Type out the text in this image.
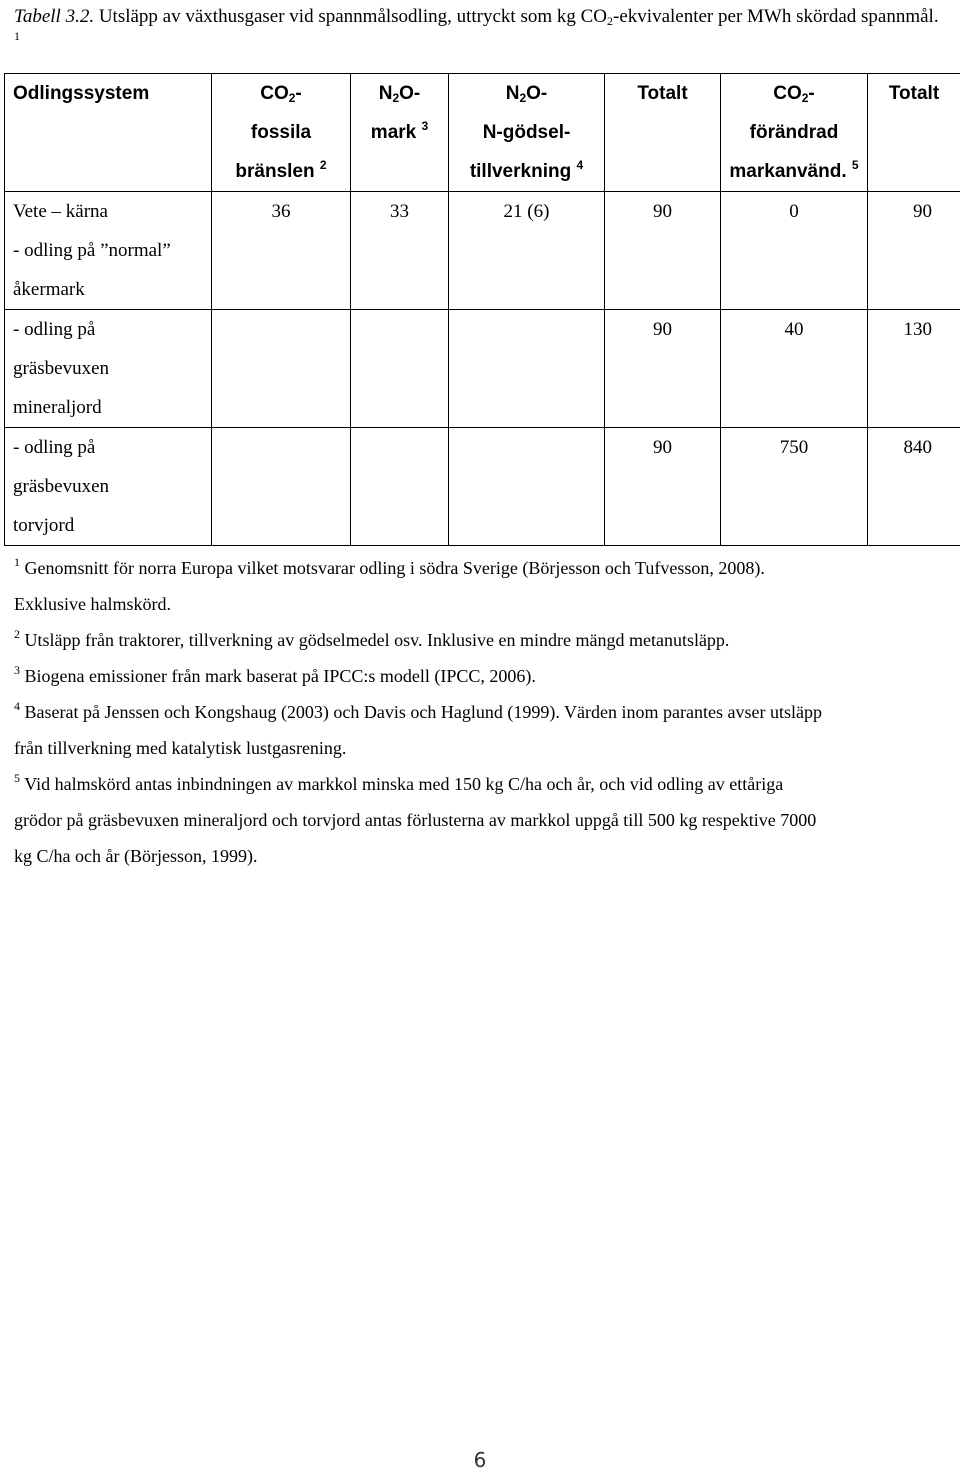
Tabell 3.2. Utsläpp av växthusgaser vid spannmålsodling, uttryckt som kg $CO_2$-ekvivalenter per MWh skördad spannmål. $^1$

Odlingssystem	$CO_2-$
fossila
bränslen $^2$	$N_2O-$
mark $^3$	$N_2O-$
N-gödsel-
tillverkning $^4$	Totalt	$CO_2-$
förändrad
markanvänd. $^5$	Totalt

Vete – kärna
- odling på ”normal”
åkermark	36	33	21 (6)	90	0	90

- odling på
gräsbevuxen
mineraljord				90	40	130

- odling på
gräsbevuxen
torvjord				90	750	840

$^1$ Genomsnitt för norra Europa vilket motsvarar odling i södra Sverige (Börjesson och Tufvesson, 2008).
Exklusive halmskörd.

$^2$ Utsläpp från traktorer, tillverkning av gödselmedel osv. Inklusive en mindre mängd metanutsläpp.

$^3$ Biogena emissioner från mark baserat på IPCC:s modell (IPCC, 2006).

$^4$ Baserat på Jenssen och Kongshaug (2003) och Davis och Haglund (1999). Värden inom parantes avser utsläpp
från tillverkning med katalytisk lustgasrening.

$^5$ Vid halmskörd antas inbindningen av markkol minska med 150 kg C/ha och år, och vid odling av ettåriga
grödor på gräsbevuxen mineraljord och torvjord antas förlusterna av markkol uppgå till 500 kg respektive 7000
kg C/ha och år (Börjesson, 1999).

6
